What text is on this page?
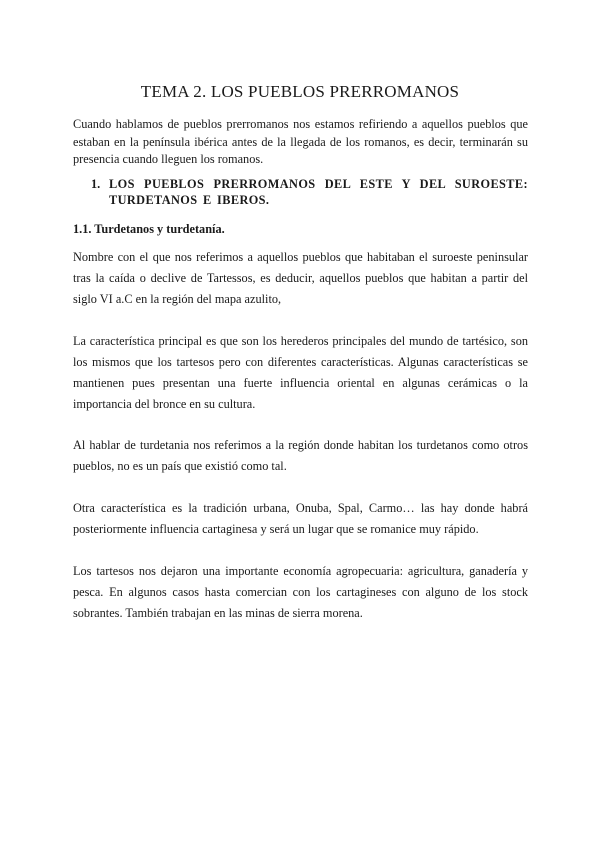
TEMA 2. LOS PUEBLOS PRERROMANOS

Cuando hablamos de pueblos prerromanos nos estamos refiriendo a aquellos pueblos que estaban en la península ibérica antes de la llegada de los romanos, es decir, terminarán su presencia cuando lleguen los romanos.

1. LOS PUEBLOS PRERROMANOS DEL ESTE Y DEL SUROESTE: TURDETANOS E IBEROS.

1.1. Turdetanos y turdetanía.

Nombre con el que nos referimos a aquellos pueblos que habitaban el suroeste peninsular tras la caída o declive de Tartessos, es deducir, aquellos pueblos que habitan a partir del siglo VI a.C en la región del mapa azulito,

La característica principal es que son los herederos principales del mundo de tartésico, son los mismos que los tartesos pero con diferentes características. Algunas características se mantienen pues presentan una fuerte influencia oriental en algunas cerámicas o la importancia del bronce en su cultura.

Al hablar de turdetania nos referimos a la región donde habitan los turdetanos como otros pueblos, no es un país que existió como tal.

Otra característica es la tradición urbana, Onuba, Spal, Carmo… las hay donde habrá posteriormente influencia cartaginesa y será un lugar que se romanice muy rápido.

Los tartesos nos dejaron una importante economía agropecuaria: agricultura, ganadería y pesca. En algunos casos hasta comercian con los cartagineses con alguno de los stock sobrantes. También trabajan en las minas de sierra morena.
